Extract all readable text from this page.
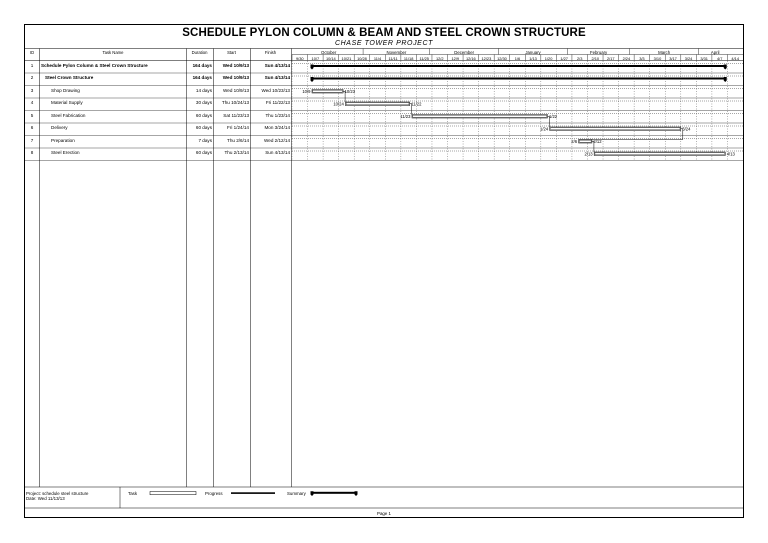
SCHEDULE PYLON COLUMN & BEAM AND STEEL CROWN STRUCTURE
CHASE TOWER PROJECT
ID	Task Name	Duration	Start	Finish	October	November	December	January	February	March	April
9/30	10/7	10/14	10/21	10/28	11/4	11/11	11/18	11/25	12/2	12/9	12/16	12/23	12/30	1/6	1/13	1/20	1/27	2/3	2/10	2/17	2/24	3/3	3/10	3/17	3/24	3/31	4/7	4/14
1	Schedule Pylon Column & Steel Crown Structure	164 days	Wed 10/9/13	Sun 4/13/14
2	Steel Crown Structure	164 days	Wed 10/9/13	Sun 4/13/14
3	Shop Drawing	14 days	Wed 10/9/13	Wed 10/23/13
4	Material Supply	30 days	Thu 10/24/13	Fri 11/22/13
5	Steel Fabrication	60 days	Sat 11/23/13	Thu 1/23/14
6	Delivery	60 days	Fri 1/24/14	Mon 3/24/14
7	Preparation	7 days	Thu 2/6/14	Wed 2/12/14
8	Steel Erection	60 days	Thu 2/13/14	Sun 4/13/14
10/9	10/23
10/24	11/22
11/23	1/22
1/24	3/24
2/6	2/12
2/13	4/13
Project: schedule steel structure
Date: Wed 11/13/13
Task	Progress	Summary
Page 1
